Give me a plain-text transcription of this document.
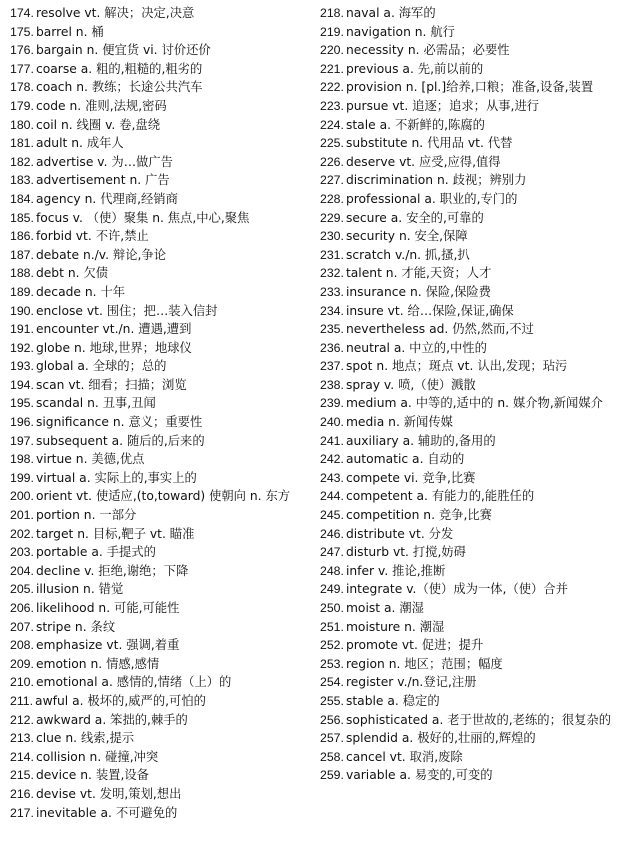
174. resolve vt. 解决；决定,决意
175. barrel n. 桶
176. bargain n. 便宜货 vi. 讨价还价
177. coarse a. 粗的,粗糙的,粗劣的
178. coach n. 教练；长途公共汽车
179. code n. 准则,法规,密码
180. coil n. 线圈 v. 卷,盘绕
181. adult n. 成年人
182. advertise v. 为…做广告
183. advertisement n. 广告
184. agency n. 代理商,经销商
185. focus v. （使）聚集 n. 焦点,中心,聚焦
186. forbid vt. 不许,禁止
187. debate n./v. 辩论,争论
188. debt n. 欠债
189. decade n. 十年
190. enclose vt. 围住；把…装入信封
191. encounter vt./n. 遭遇,遭到
192. globe n. 地球,世界；地球仪
193. global a. 全球的；总的
194. scan vt. 细看；扫描；浏览
195. scandal n. 丑事,丑闻
196. significance n. 意义；重要性
197. subsequent a. 随后的,后来的
198. virtue n. 美德,优点
199. virtual a. 实际上的,事实上的
200. orient vt. 使适应,(to,toward) 使朝向 n. 东方
201. portion n. 一部分
202. target n. 目标,靶子 vt. 瞄准
203. portable a. 手提式的
204. decline v. 拒绝,谢绝；下降
205. illusion n. 错觉
206. likelihood n. 可能,可能性
207. stripe n. 条纹
208. emphasize vt. 强调,着重
209. emotion n. 情感,感情
210. emotional a. 感情的,情绪（上）的
211. awful a. 极坏的,威严的,可怕的
212. awkward a. 笨拙的,棘手的
213. clue n. 线索,提示
214. collision n. 碰撞,冲突
215. device n. 装置,设备
216. devise vt. 发明,策划,想出
217. inevitable a. 不可避免的
218. naval a. 海军的
219. navigation n. 航行
220. necessity n. 必需品；必要性
221. previous a. 先,前以前的
222. provision n. [pl.]给养,口粮；准备,设备,装置
223. pursue vt. 追逐；追求；从事,进行
224. stale a. 不新鲜的,陈腐的
225. substitute n. 代用品 vt. 代替
226. deserve vt. 应受,应得,值得
227. discrimination n. 歧视；辨别力
228. professional a. 职业的,专门的
229. secure a. 安全的,可靠的
230. security n. 安全,保障
231. scratch v./n. 抓,搔,扒
232. talent n. 才能,天资；人才
233. insurance n. 保险,保险费
234. insure vt. 给…保险,保证,确保
235. nevertheless ad. 仍然,然而,不过
236. neutral a. 中立的,中性的
237. spot n. 地点；斑点 vt. 认出,发现；玷污
238. spray v. 喷,（使）溅散
239. medium a. 中等的,适中的 n. 媒介物,新闻媒介
240. media n. 新闻传媒
241. auxiliary a. 辅助的,备用的
242. automatic a. 自动的
243. compete vi. 竞争,比赛
244. competent a. 有能力的,能胜任的
245. competition n. 竞争,比赛
246. distribute vt. 分发
247. disturb vt. 打搅,妨碍
248. infer v. 推论,推断
249. integrate v.（使）成为一体,（使）合并
250. moist a. 潮湿
251. moisture n. 潮湿
252. promote vt. 促进；提升
253. region n. 地区；范围；幅度
254. register v./n.登记,注册
255. stable a. 稳定的
256. sophisticated a. 老于世故的,老练的；很复杂的
257. splendid a. 极好的,壮丽的,辉煌的
258. cancel vt. 取消,废除
259. variable a. 易变的,可变的
